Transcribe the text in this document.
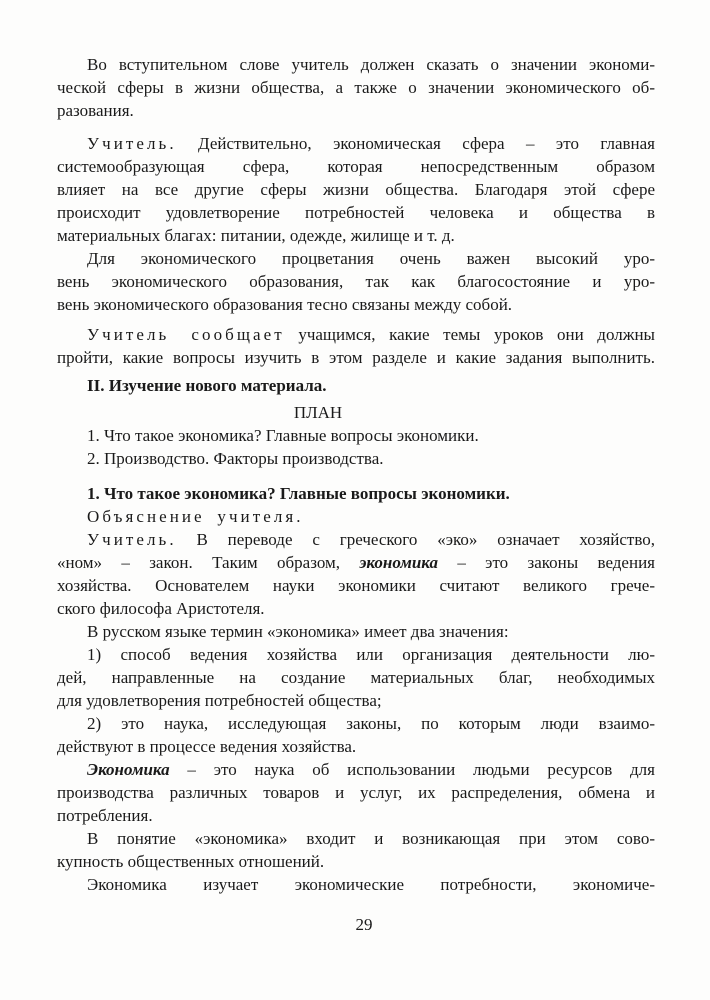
Во вступительном слове учитель должен сказать о значении экономи-
ческой сферы в жизни общества, а также о значении экономического об-
разования.
Учитель. Действительно, экономическая сфера – это главная
системообразующая сфера, которая непосредственным образом
влияет на все другие сферы жизни общества. Благодаря этой сфере
происходит удовлетворение потребностей человека и общества в
материальных благах: питании, одежде, жилище и т. д.
Для экономического процветания очень важен высокий уро-
вень экономического образования, так как благосостояние и уро-
вень экономического образования тесно связаны между собой.
Учитель сообщает учащимся, какие темы уроков они должны
пройти, какие вопросы изучить в этом разделе и какие задания выполнить.
II. Изучение нового материала.
ПЛАН
1. Что такое экономика? Главные вопросы экономики.
2. Производство. Факторы производства.
1. Что такое экономика? Главные вопросы экономики.
Объяснение учителя.
Учитель. В переводе с греческого «эко» означает хозяйство,
«ном» – закон. Таким образом, экономика – это законы ведения
хозяйства. Основателем науки экономики считают великого грече-
ского философа Аристотеля.
В русском языке термин «экономика» имеет два значения:
1) способ ведения хозяйства или организация деятельности лю-
дей, направленные на создание материальных благ, необходимых
для удовлетворения потребностей общества;
2) это наука, исследующая законы, по которым люди взаимо-
действуют в процессе ведения хозяйства.
Экономика – это наука об использовании людьми ресурсов для
производства различных товаров и услуг, их распределения, обмена и
потребления.
В понятие «экономика» входит и возникающая при этом сово-
купность общественных отношений.
Экономика изучает экономические потребности, экономиче-
29
